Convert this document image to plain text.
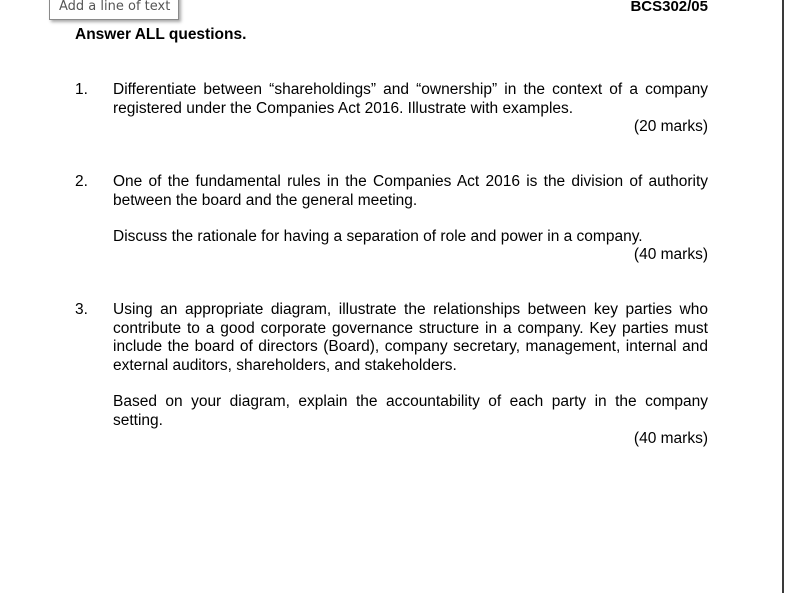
Add a line of text	BCS302/05
Answer ALL questions.
1. Differentiate between “shareholdings” and “ownership” in the context of a company registered under the Companies Act 2016. Illustrate with examples.
(20 marks)
2. One of the fundamental rules in the Companies Act 2016 is the division of authority between the board and the general meeting.
Discuss the rationale for having a separation of role and power in a company.
(40 marks)
3. Using an appropriate diagram, illustrate the relationships between key parties who contribute to a good corporate governance structure in a company. Key parties must include the board of directors (Board), company secretary, management, internal and external auditors, shareholders, and stakeholders.
Based on your diagram, explain the accountability of each party in the company setting.
(40 marks)
